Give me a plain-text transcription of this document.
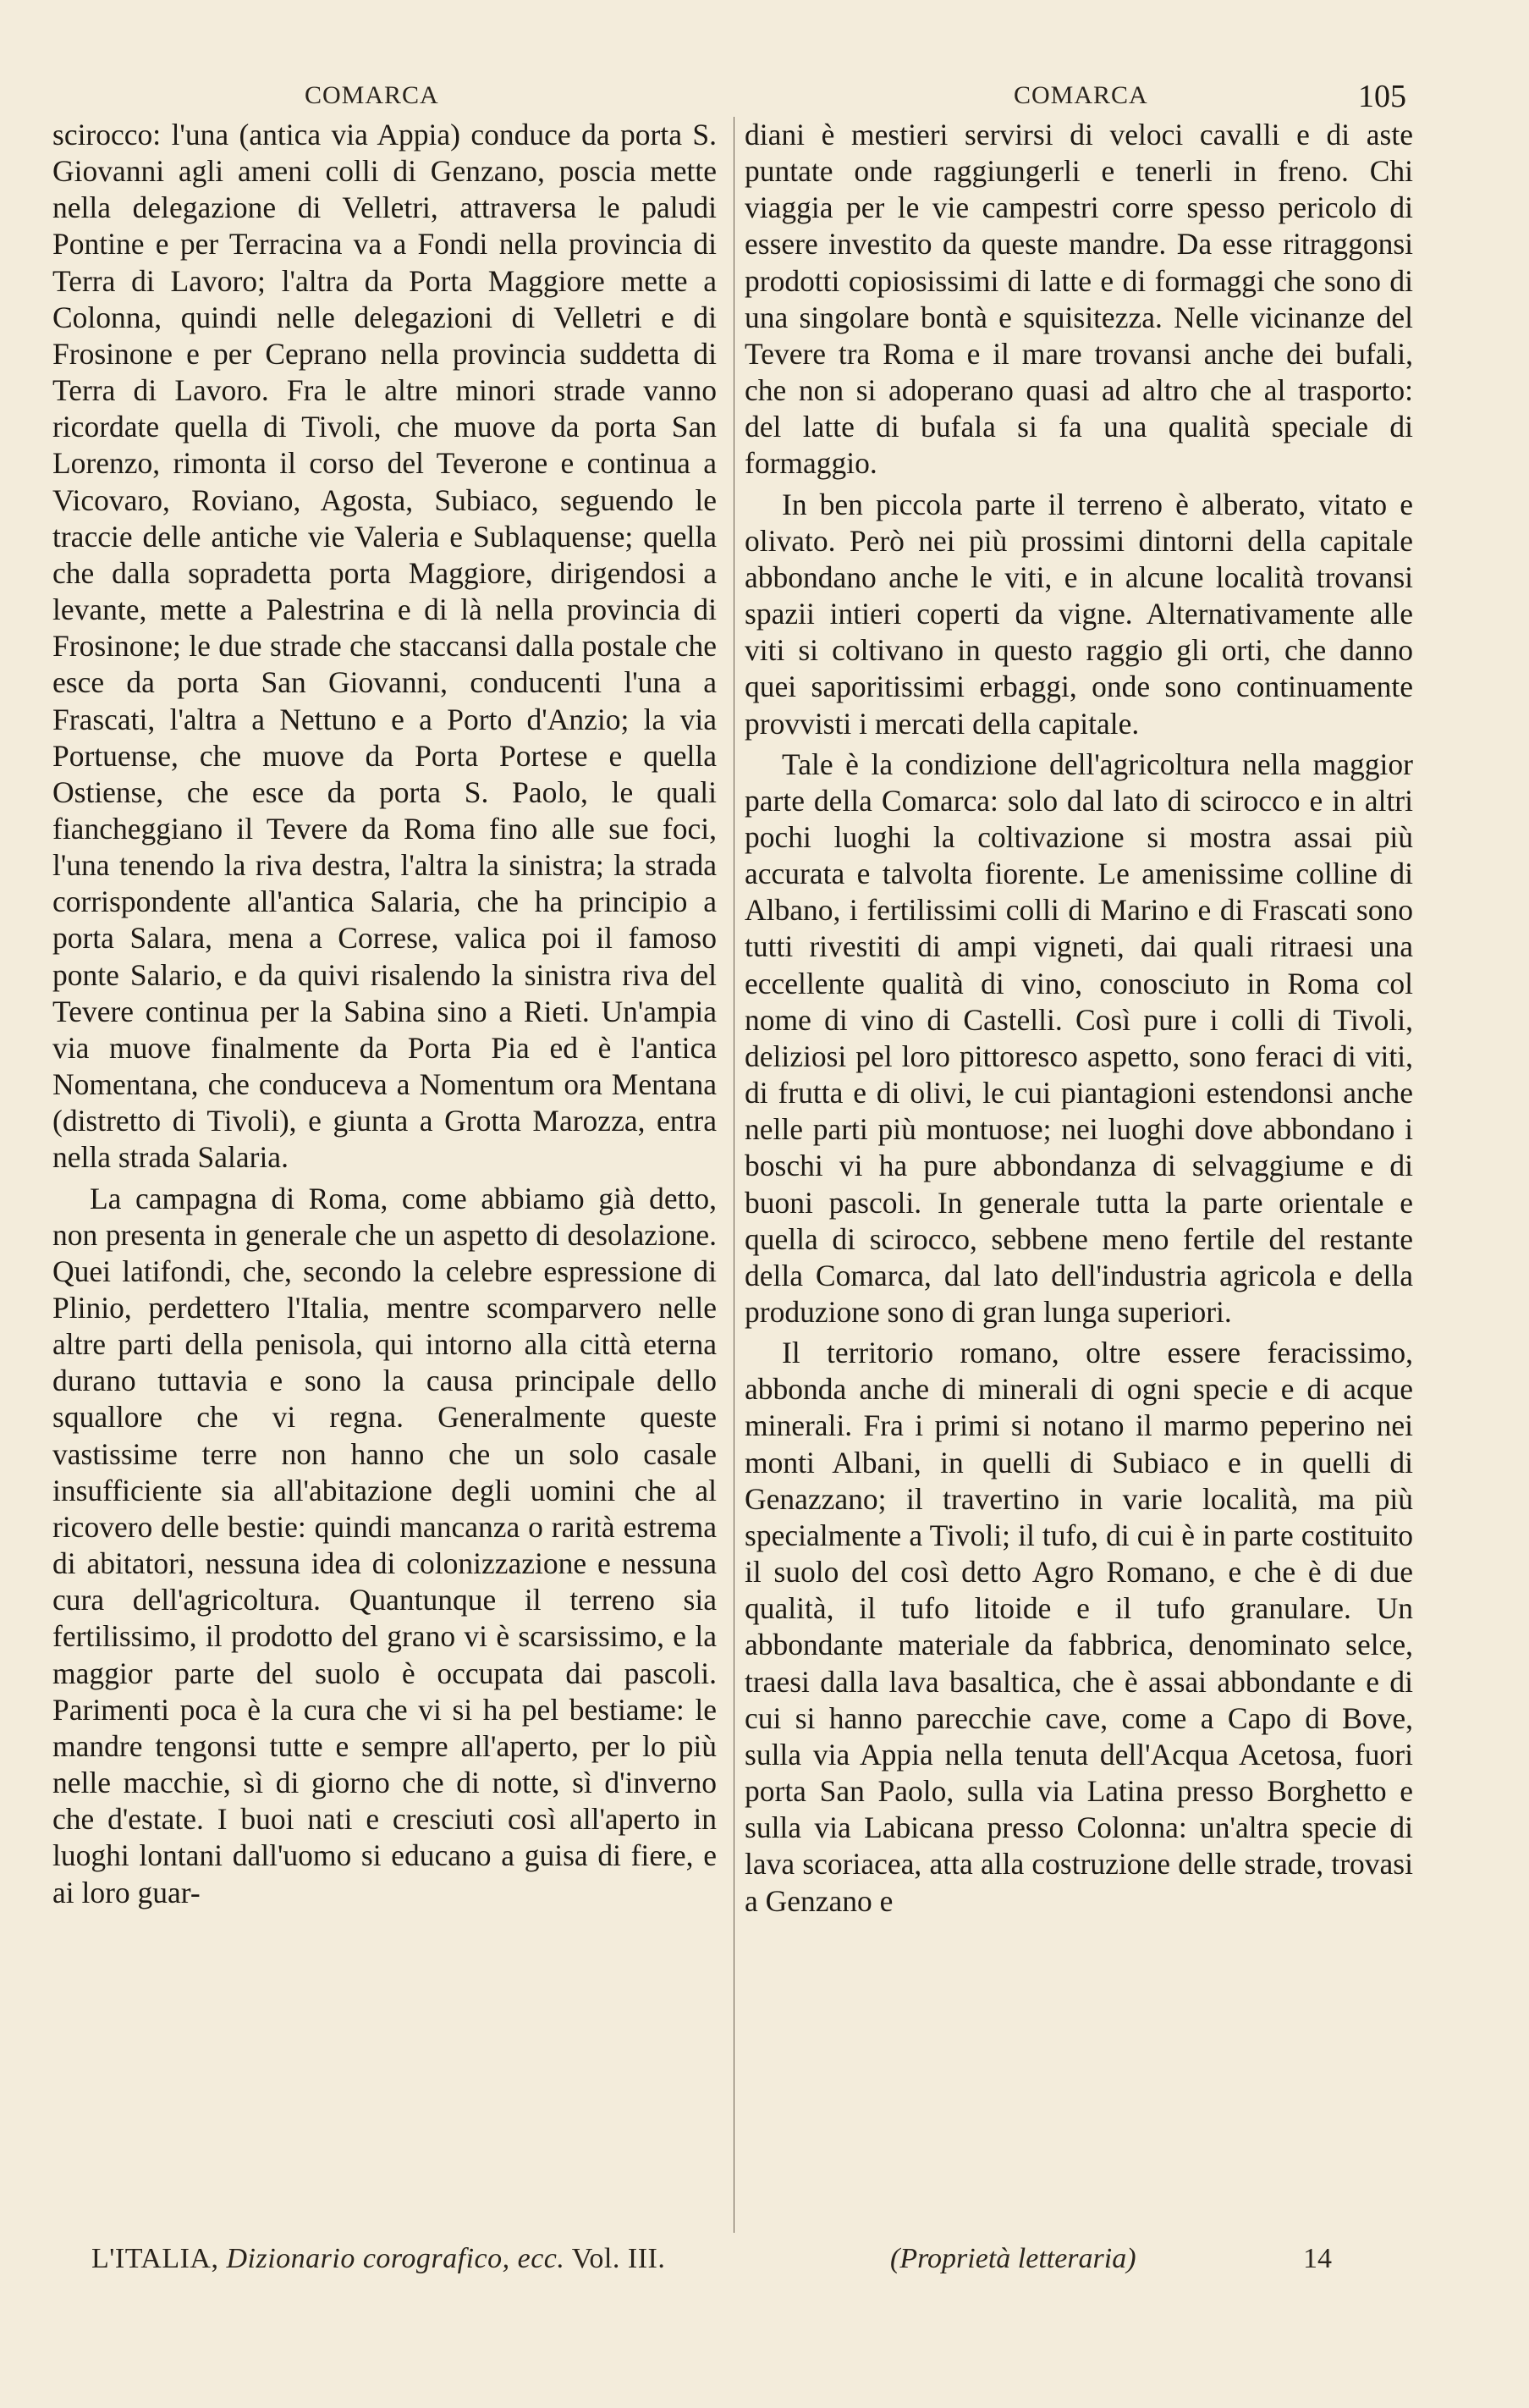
COMARCA	COMARCA	105

scirocco: l'una (antica via Appia) conduce da porta S. Giovanni agli ameni colli di Genzano, poscia mette nella delegazione di Velletri, attraversa le paludi Pontine e per Terracina va a Fondi nella provincia di Terra di Lavoro; l'altra da Porta Maggiore mette a Colonna, quindi nelle delegazioni di Velletri e di Frosinone e per Ceprano nella provincia suddetta di Terra di Lavoro. Fra le altre minori strade vanno ricordate quella di Tivoli, che muove da porta San Lorenzo, rimonta il corso del Teverone e continua a Vicovaro, Roviano, Agosta, Subiaco, seguendo le traccie delle antiche vie Valeria e Sublaquense; quella che dalla sopradetta porta Maggiore, dirigendosi a levante, mette a Palestrina e di là nella provincia di Frosinone; le due strade che staccansi dalla postale che esce da porta San Giovanni, conducenti l'una a Frascati, l'altra a Nettuno e a Porto d'Anzio; la via Portuense, che muove da Porta Portese e quella Ostiense, che esce da porta S. Paolo, le quali fiancheggiano il Tevere da Roma fino alle sue foci, l'una tenendo la riva destra, l'altra la sinistra; la strada corrispondente all'antica Salaria, che ha principio a porta Salara, mena a Correse, valica poi il famoso ponte Salario, e da quivi risalendo la sinistra riva del Tevere continua per la Sabina sino a Rieti. Un'ampia via muove finalmente da Porta Pia ed è l'antica Nomentana, che conduceva a Nomentum ora Mentana (distretto di Tivoli), e giunta a Grotta Marozza, entra nella strada Salaria.

La campagna di Roma, come abbiamo già detto, non presenta in generale che un aspetto di desolazione. Quei latifondi, che, secondo la celebre espressione di Plinio, perdettero l'Italia, mentre scomparvero nelle altre parti della penisola, qui intorno alla città eterna durano tuttavia e sono la causa principale dello squallore che vi regna. Generalmente queste vastissime terre non hanno che un solo casale insufficiente sia all'abitazione degli uomini che al ricovero delle bestie: quindi mancanza o rarità estrema di abitatori, nessuna idea di colonizzazione e nessuna cura dell'agricoltura. Quantunque il terreno sia fertilissimo, il prodotto del grano vi è scarsissimo, e la maggior parte del suolo è occupata dai pascoli. Parimenti poca è la cura che vi si ha pel bestiame: le mandre tengonsi tutte e sempre all'aperto, per lo più nelle macchie, sì di giorno che di notte, sì d'inverno che d'estate. I buoi nati e cresciuti così all'aperto in luoghi lontani dall'uomo si educano a guisa di fiere, e ai loro guar-

diani è mestieri servirsi di veloci cavalli e di aste puntate onde raggiungerli e tenerli in freno. Chi viaggia per le vie campestri corre spesso pericolo di essere investito da queste mandre. Da esse ritraggonsi prodotti copiosissimi di latte e di formaggi che sono di una singolare bontà e squisitezza. Nelle vicinanze del Tevere tra Roma e il mare trovansi anche dei bufali, che non si adoperano quasi ad altro che al trasporto: del latte di bufala si fa una qualità speciale di formaggio.

In ben piccola parte il terreno è alberato, vitato e olivato. Però nei più prossimi dintorni della capitale abbondano anche le viti, e in alcune località trovansi spazii intieri coperti da vigne. Alternativamente alle viti si coltivano in questo raggio gli orti, che danno quei saporitissimi erbaggi, onde sono continuamente provvisti i mercati della capitale.

Tale è la condizione dell'agricoltura nella maggior parte della Comarca: solo dal lato di scirocco e in altri pochi luoghi la coltivazione si mostra assai più accurata e talvolta fiorente. Le amenissime colline di Albano, i fertilissimi colli di Marino e di Frascati sono tutti rivestiti di ampi vigneti, dai quali ritraesi una eccellente qualità di vino, conosciuto in Roma col nome di vino di Castelli. Così pure i colli di Tivoli, deliziosi pel loro pittoresco aspetto, sono feraci di viti, di frutta e di olivi, le cui piantagioni estendonsi anche nelle parti più montuose; nei luoghi dove abbondano i boschi vi ha pure abbondanza di selvaggiume e di buoni pascoli. In generale tutta la parte orientale e quella di scirocco, sebbene meno fertile del restante della Comarca, dal lato dell'industria agricola e della produzione sono di gran lunga superiori.

Il territorio romano, oltre essere feracissimo, abbonda anche di minerali di ogni specie e di acque minerali. Fra i primi si notano il marmo peperino nei monti Albani, in quelli di Subiaco e in quelli di Genazzano; il travertino in varie località, ma più specialmente a Tivoli; il tufo, di cui è in parte costituito il suolo del così detto Agro Romano, e che è di due qualità, il tufo litoide e il tufo granulare. Un abbondante materiale da fabbrica, denominato selce, traesi dalla lava basaltica, che è assai abbondante e di cui si hanno parecchie cave, come a Capo di Bove, sulla via Appia nella tenuta dell'Acqua Acetosa, fuori porta San Paolo, sulla via Latina presso Borghetto e sulla via Labicana presso Colonna: un'altra specie di lava scoriacea, atta alla costruzione delle strade, trovasi a Genzano e

L'ITALIA, Dizionario corografico, ecc. Vol. III.	(Proprietà letteraria)	14
